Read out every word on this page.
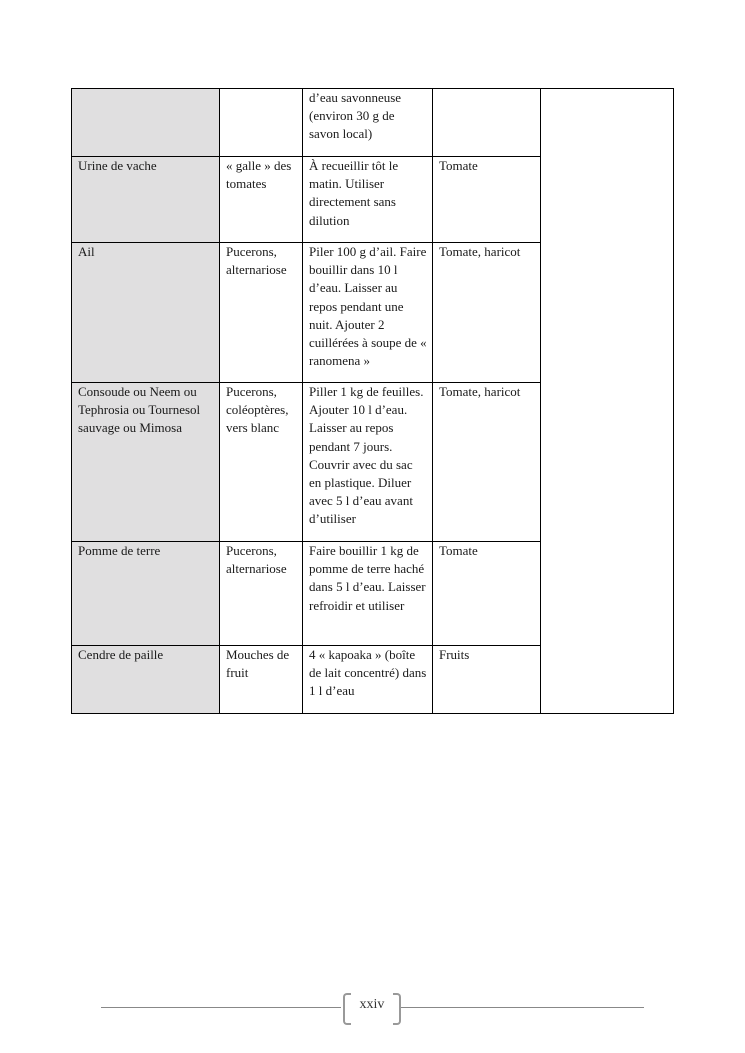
		d’eau savonneuse (environ 30 g de savon local)		

Urine de vache	« galle » des tomates	À recueillir tôt le matin. Utiliser directement sans dilution	Tomate	

Ail	Pucerons, alternariose	Piler 100 g d’ail. Faire bouillir dans 10 l d’eau. Laisser au repos pendant une nuit. Ajouter 2 cuillérées à soupe de « ranomena »	Tomate, haricot	

Consoude ou Neem ou Tephrosia ou Tournesol sauvage ou Mimosa	Pucerons, coléoptères, vers blanc	Piller 1 kg de feuilles. Ajouter 10 l d’eau. Laisser au repos pendant 7 jours. Couvrir avec du sac en plastique. Diluer avec 5 l d’eau avant d’utiliser	Tomate, haricot	

Pomme de terre	Pucerons, alternariose	Faire bouillir 1 kg de pomme de terre haché dans 5 l d’eau. Laisser refroidir et utiliser	Tomate	

Cendre de paille	Mouches de fruit	4 « kapoaka » (boîte de lait concentré) dans 1 l d’eau	Fruits	
xxiv
